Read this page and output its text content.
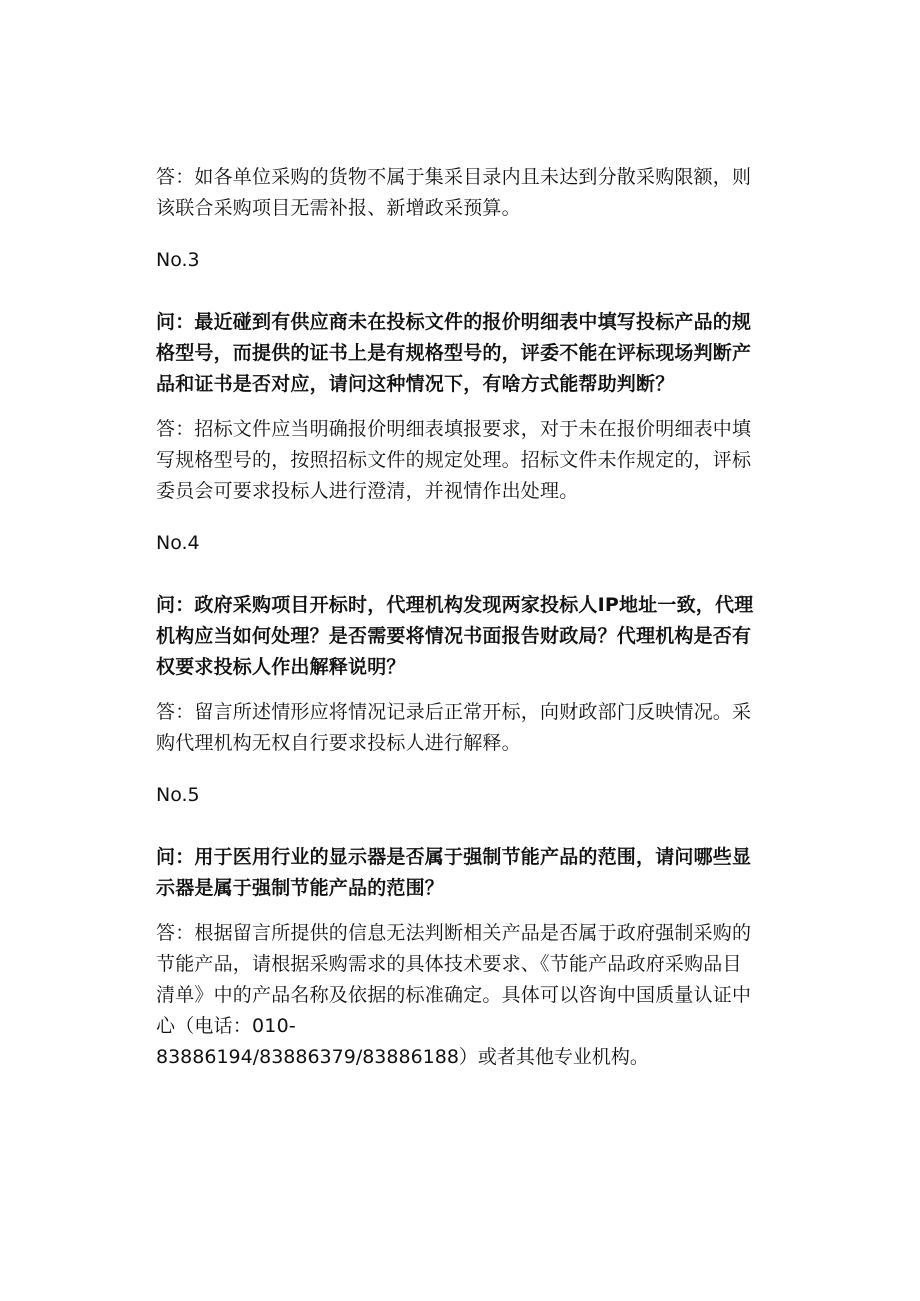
答：如各单位采购的货物不属于集采目录内且未达到分散采购限额，则该联合采购项目无需补报、新增政采预算。

No.3

问：最近碰到有供应商未在投标文件的报价明细表中填写投标产品的规格型号，而提供的证书上是有规格型号的，评委不能在评标现场判断产品和证书是否对应，请问这种情况下，有啥方式能帮助判断？

答：招标文件应当明确报价明细表填报要求，对于未在报价明细表中填写规格型号的，按照招标文件的规定处理。招标文件未作规定的，评标委员会可要求投标人进行澄清，并视情作出处理。

No.4

问：政府采购项目开标时，代理机构发现两家投标人IP地址一致，代理机构应当如何处理？是否需要将情况书面报告财政局？代理机构是否有权要求投标人作出解释说明？

答：留言所述情形应将情况记录后正常开标，向财政部门反映情况。采购代理机构无权自行要求投标人进行解释。

No.5

问：用于医用行业的显示器是否属于强制节能产品的范围，请问哪些显示器是属于强制节能产品的范围？

答：根据留言所提供的信息无法判断相关产品是否属于政府强制采购的节能产品，请根据采购需求的具体技术要求、《节能产品政府采购品目清单》中的产品名称及依据的标准确定。具体可以咨询中国质量认证中心（电话：010-

83886194/83886379/83886188）或者其他专业机构。
